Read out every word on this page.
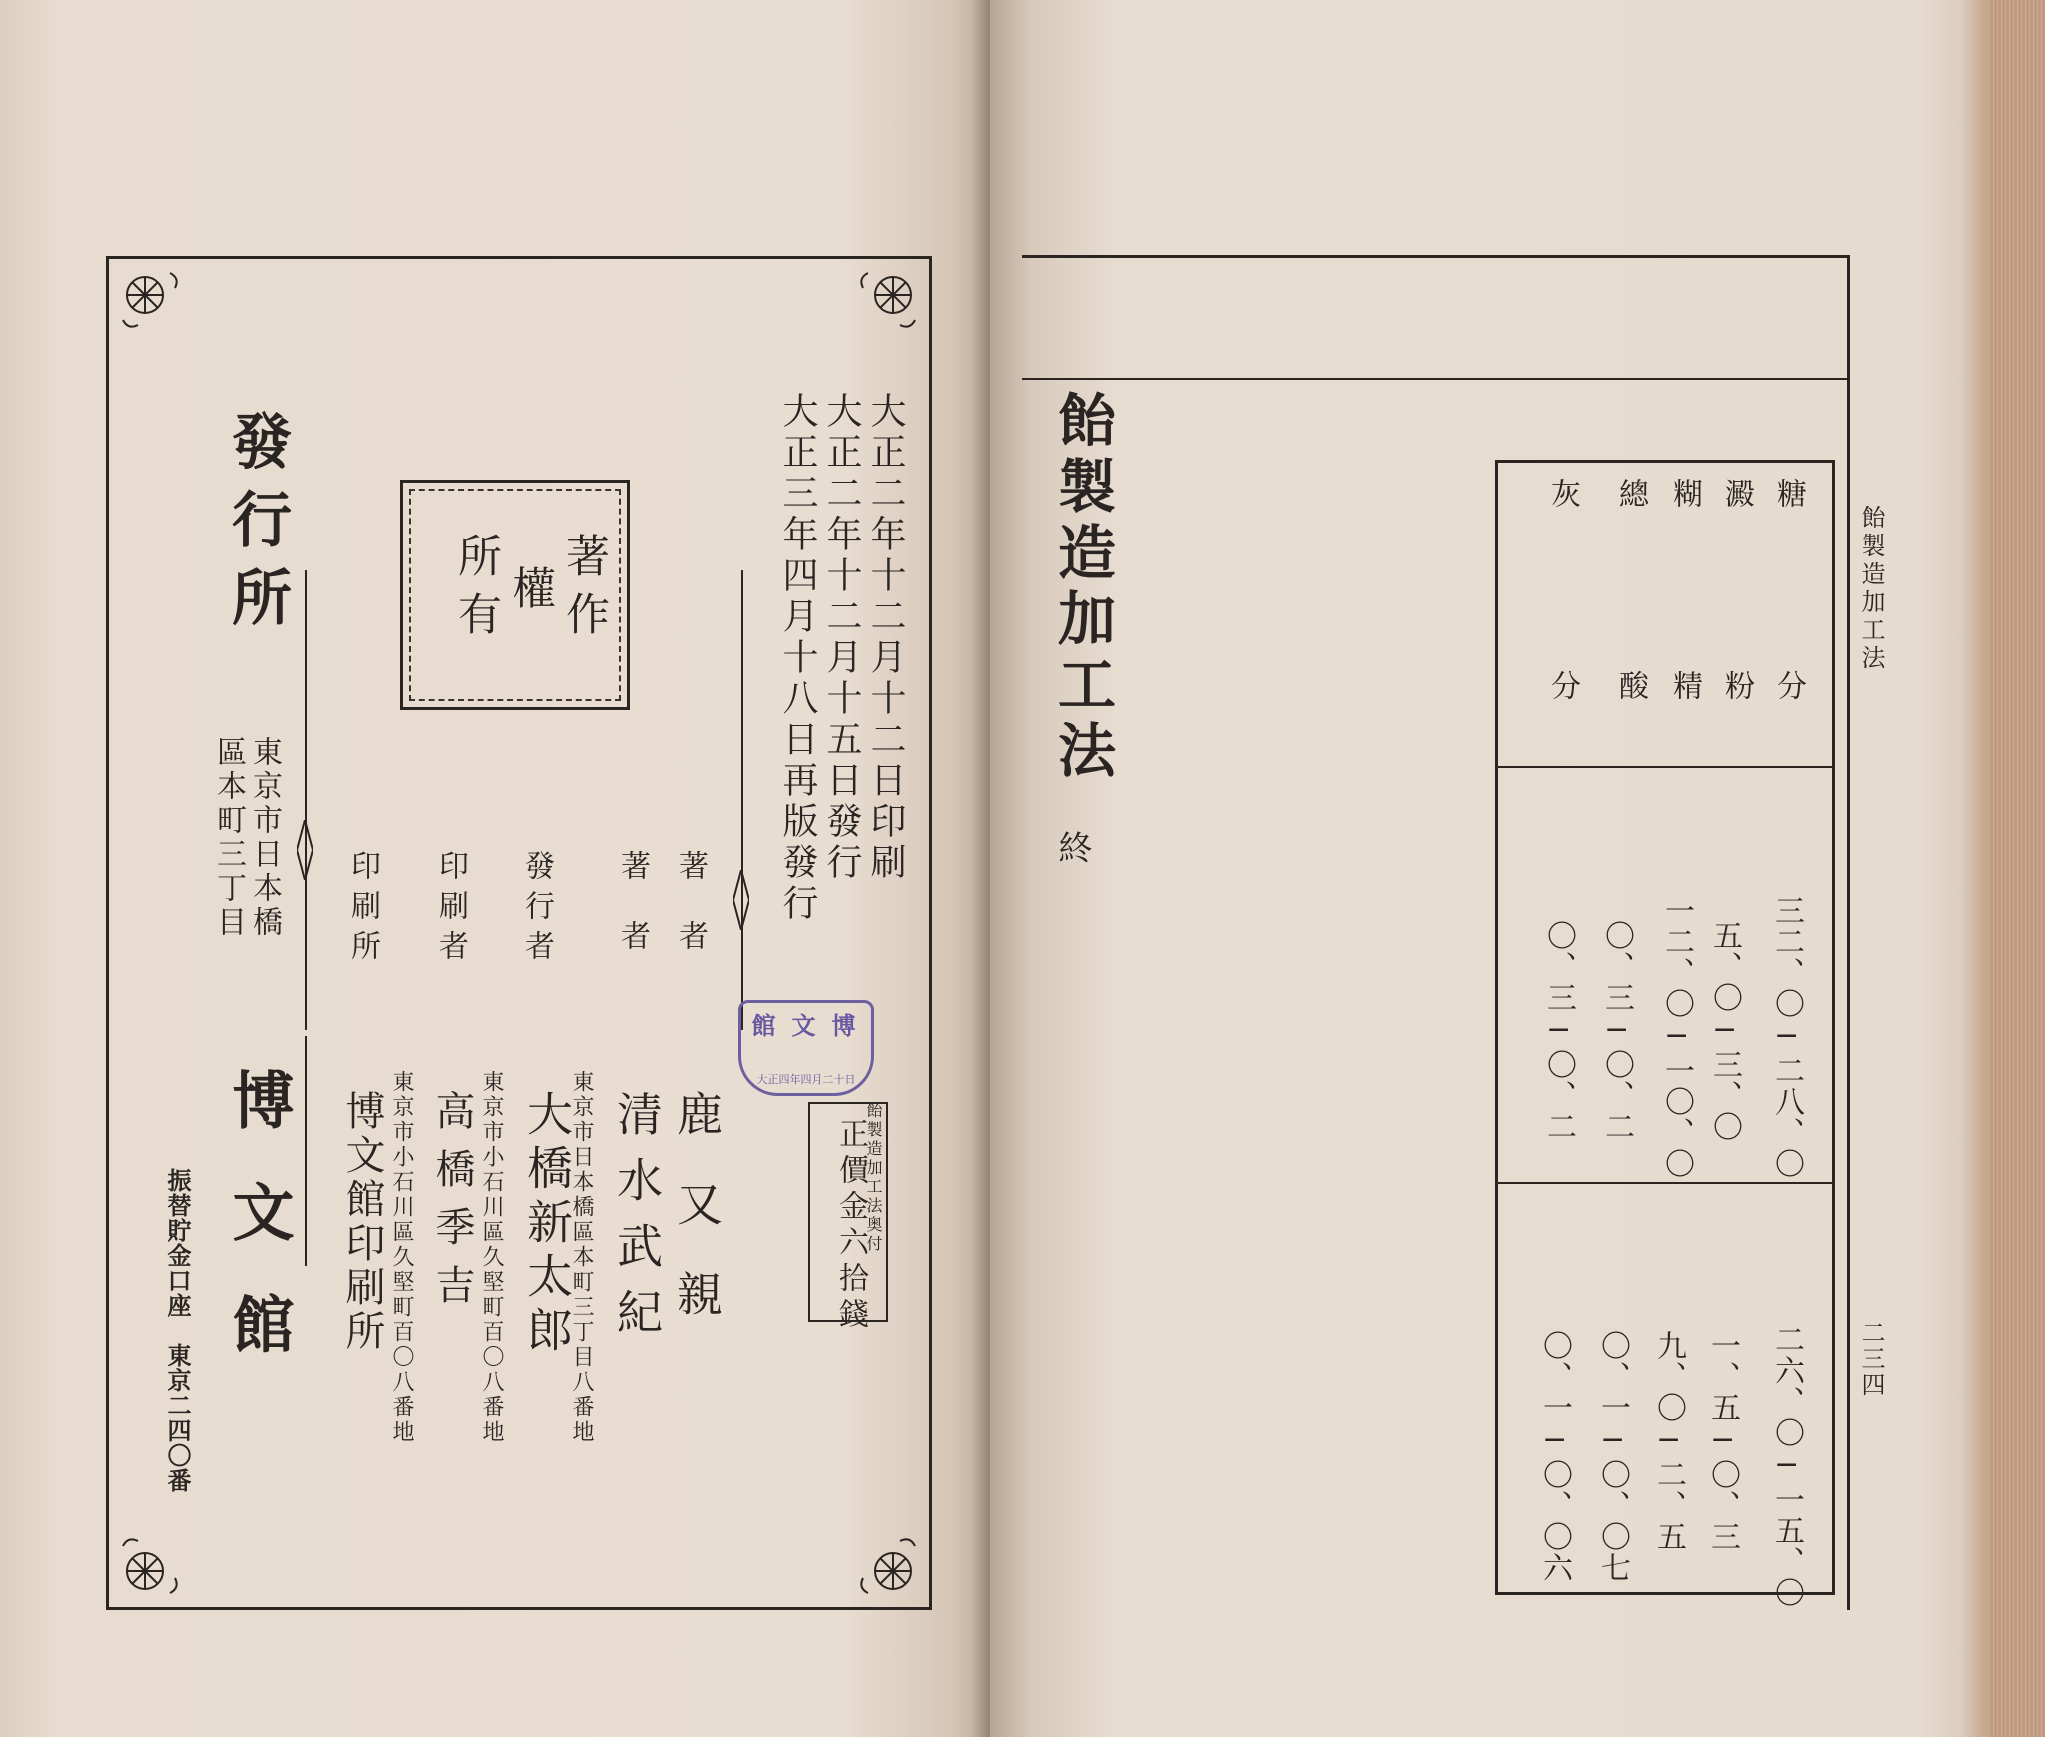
大正二年十二月十二日印刷
大正二年十二月十五日發行
大正三年四月十八日再版發行
著作
權
所有
發行所
東京市日本橋
區本町三丁目
博文館
振替貯金口座　東京二四〇番
著者
著者
發行者
印刷者
印刷所
鹿又親
清水武紀
大橋新太郎
高橋季吉
博文館印刷所	東京市日本橋區本町三丁目八番地
東京市小石川區久堅町百〇八番地
東京市小石川區久堅町百〇八番地
博
文
館
大正四年四月二十日
飴製造加工法奥付
正價金六拾錢
飴製造加工法
終
飴製造加工法
二三四
糖分
澱粉
糊精
總酸
灰分
三二、〇─二八、〇
五、〇─三、〇
一二、〇─一〇、〇
〇、三─〇、二
〇、三─〇、二
二六、〇─一五、〇
一、五─〇、三
九、〇─二、五
〇、一─〇、〇七
〇、一─〇、〇六
